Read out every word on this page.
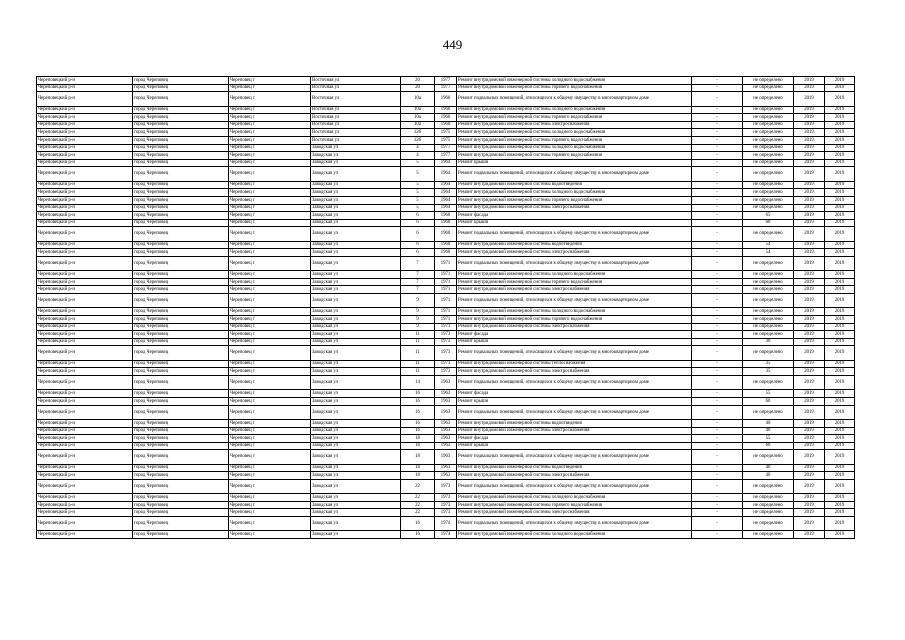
449
Череповецкий р-н	город Череповец	Череповец г	Восточная ул	20	1977	Ремонт внутридомовой инженерной системы холодного водоснабжения	-	не определено	2019	2019
Череповецкий р-н	город Череповец	Череповец г	Восточная ул	20	1977	Ремонт внутридомовой инженерной системы горячего водоснабжения	-	не определено	2019	2019
Череповецкий р-н	город Череповец	Череповец г	Восточная ул	10а	1966	Ремонт подвальных помещений, относящихся к общему имуществу в многоквартирном доме	-	не определено	2019	2019
Череповецкий р-н	город Череповец	Череповец г	Восточная ул	10а	1966	Ремонт внутридомовой инженерной системы холодного водоснабжения	-	не определено	2019	2019
Череповецкий р-н	город Череповец	Череповец г	Восточная ул	10а	1966	Ремонт внутридомовой инженерной системы горячего водоснабжения	-	не определено	2019	2019
Череповецкий р-н	город Череповец	Череповец г	Восточная ул	10а	1966	Ремонт внутридомовой инженерной системы электроснабжения	-	не определено	2019	2019
Череповецкий р-н	город Череповец	Череповец г	Восточная ул	12б	1975	Ремонт внутридомовой инженерной системы холодного водоснабжения	-	не определено	2019	2019
Череповецкий р-н	город Череповец	Череповец г	Восточная ул	12б	1975	Ремонт внутридомовой инженерной системы горячего водоснабжения	-	не определено	2019	2019
Череповецкий р-н	город Череповец	Череповец г	Заводская ул	4	1977	Ремонт внутридомовой инженерной системы холодного водоснабжения	-	не определено	2019	2019
Череповецкий р-н	город Череповец	Череповец г	Заводская ул	4	1977	Ремонт внутридомовой инженерной системы горячего водоснабжения	-	не определено	2019	2019
Череповецкий р-н	город Череповец	Череповец г	Заводская ул	5	1964	Ремонт крыши	-	не определено	2019	2019
Череповецкий р-н	город Череповец	Череповец г	Заводская ул	5	1964	Ремонт подвальных помещений, относящихся к общему имуществу в многоквартирном доме	-	не определено	2019	2019
Череповецкий р-н	город Череповец	Череповец г	Заводская ул	5	1964	Ремонт внутридомовой инженерной системы водоотведения	-	не определено	2019	2019
Череповецкий р-н	город Череповец	Череповец г	Заводская ул	5	1964	Ремонт внутридомовой инженерной системы холодного водоснабжения	-	не определено	2019	2019
Череповецкий р-н	город Череповец	Череповец г	Заводская ул	5	1964	Ремонт внутридомовой инженерной системы горячего водоснабжения	-	не определено	2019	2019
Череповецкий р-н	город Череповец	Череповец г	Заводская ул	5	1964	Ремонт внутридомовой инженерной системы электроснабжения	-	не определено	2019	2019
Череповецкий р-н	город Череповец	Череповец г	Заводская ул	6	1960	Ремонт фасада	-	65	2019	2019
Череповецкий р-н	город Череповец	Череповец г	Заводская ул	6	1960	Ремонт крыши	-	60	2019	2019
Череповецкий р-н	город Череповец	Череповец г	Заводская ул	6	1960	Ремонт подвальных помещений, относящихся к общему имуществу в многоквартирном доме	-	не определено	2019	2019
Череповецкий р-н	город Череповец	Череповец г	Заводская ул	6	1960	Ремонт внутридомовой инженерной системы водоотведения	-	54	2019	2019
Череповецкий р-н	город Череповец	Череповец г	Заводская ул	6	1960	Ремонт внутридомовой инженерной системы электроснабжения	-	54	2019	2019
Череповецкий р-н	город Череповец	Череповец г	Заводская ул	7	1971	Ремонт подвальных помещений, относящихся к общему имуществу в многоквартирном доме	-	не определено	2019	2019
Череповецкий р-н	город Череповец	Череповец г	Заводская ул	7	1971	Ремонт внутридомовой инженерной системы холодного водоснабжения	-	не определено	2019	2019
Череповецкий р-н	город Череповец	Череповец г	Заводская ул	7	1971	Ремонт внутридомовой инженерной системы горячего водоснабжения	-	не определено	2019	2019
Череповецкий р-н	город Череповец	Череповец г	Заводская ул	7	1971	Ремонт внутридомовой инженерной системы электроснабжения	-	не определено	2019	2019
Череповецкий р-н	город Череповец	Череповец г	Заводская ул	9	1971	Ремонт подвальных помещений, относящихся к общему имуществу в многоквартирном доме	-	не определено	2019	2019
Череповецкий р-н	город Череповец	Череповец г	Заводская ул	9	1971	Ремонт внутридомовой инженерной системы холодного водоснабжения	-	не определено	2019	2019
Череповецкий р-н	город Череповец	Череповец г	Заводская ул	9	1971	Ремонт внутридомовой инженерной системы горячего водоснабжения	-	не определено	2019	2019
Череповецкий р-н	город Череповец	Череповец г	Заводская ул	9	1971	Ремонт внутридомовой инженерной системы электроснабжения	-	не определено	2019	2019
Череповецкий р-н	город Череповец	Череповец г	Заводская ул	11	1973	Ремонт фасада	-	не определено	2019	2019
Череповецкий р-н	город Череповец	Череповец г	Заводская ул	11	1973	Ремонт крыши	-	30	2019	2019
Череповецкий р-н	город Череповец	Череповец г	Заводская ул	11	1973	Ремонт подвальных помещений, относящихся к общему имуществу в многоквартирном доме	-	не определено	2019	2019
Череповецкий р-н	город Череповец	Череповец г	Заводская ул	11	1973	Ремонт внутридомовой инженерной системы теплоснабжения	-	35	2019	2019
Череповецкий р-н	город Череповец	Череповец г	Заводская ул	11	1973	Ремонт внутридомовой инженерной системы электроснабжения	-	35	2019	2019
Череповецкий р-н	город Череповец	Череповец г	Заводская ул	14	1963	Ремонт подвальных помещений, относящихся к общему имуществу в многоквартирном доме	-	не определено	2019	2019
Череповецкий р-н	город Череповец	Череповец г	Заводская ул	16	1963	Ремонт фасада	-	55	2019	2019
Череповецкий р-н	город Череповец	Череповец г	Заводская ул	16	1963	Ремонт крыши	-	60	2019	2019
Череповецкий р-н	город Череповец	Череповец г	Заводская ул	16	1963	Ремонт подвальных помещений, относящихся к общему имуществу в многоквартирном доме	-	не определено	2019	2019
Череповецкий р-н	город Череповец	Череповец г	Заводская ул	16	1963	Ремонт внутридомовой инженерной системы водоотведения	-	40	2019	2019
Череповецкий р-н	город Череповец	Череповец г	Заводская ул	16	1963	Ремонт внутридомовой инженерной системы электроснабжения	-	40	2019	2019
Череповецкий р-н	город Череповец	Череповец г	Заводская ул	18	1963	Ремонт фасада	-	55	2019	2019
Череповецкий р-н	город Череповец	Череповец г	Заводская ул	18	1963	Ремонт крыши	-	60	2019	2019
Череповецкий р-н	город Череповец	Череповец г	Заводская ул	18	1963	Ремонт подвальных помещений, относящихся к общему имуществу в многоквартирном доме	-	не определено	2019	2019
Череповецкий р-н	город Череповец	Череповец г	Заводская ул	18	1963	Ремонт внутридомовой инженерной системы водоотведения	-	40	2019	2019
Череповецкий р-н	город Череповец	Череповец г	Заводская ул	18	1963	Ремонт внутридомовой инженерной системы электроснабжения	-	40	2019	2019
Череповецкий р-н	город Череповец	Череповец г	Заводская ул	22	1973	Ремонт подвальных помещений, относящихся к общему имуществу в многоквартирном доме	-	не определено	2019	2019
Череповецкий р-н	город Череповец	Череповец г	Заводская ул	22	1973	Ремонт внутридомовой инженерной системы холодного водоснабжения	-	не определено	2019	2019
Череповецкий р-н	город Череповец	Череповец г	Заводская ул	22	1973	Ремонт внутридомовой инженерной системы горячего водоснабжения	-	не определено	2019	2019
Череповецкий р-н	город Череповец	Череповец г	Заводская ул	22	1973	Ремонт внутридомовой инженерной системы электроснабжения	-	не определено	2019	2019
Череповецкий р-н	город Череповец	Череповец г	Заводская ул	16	1974	Ремонт подвальных помещений, относящихся к общему имуществу в многоквартирном доме	-	не определено	2019	2019
Череповецкий р-н	город Череповец	Череповец г	Заводская ул	16	1974	Ремонт внутридомовой инженерной системы холодного водоснабжения	-	не определено	2019	2019
